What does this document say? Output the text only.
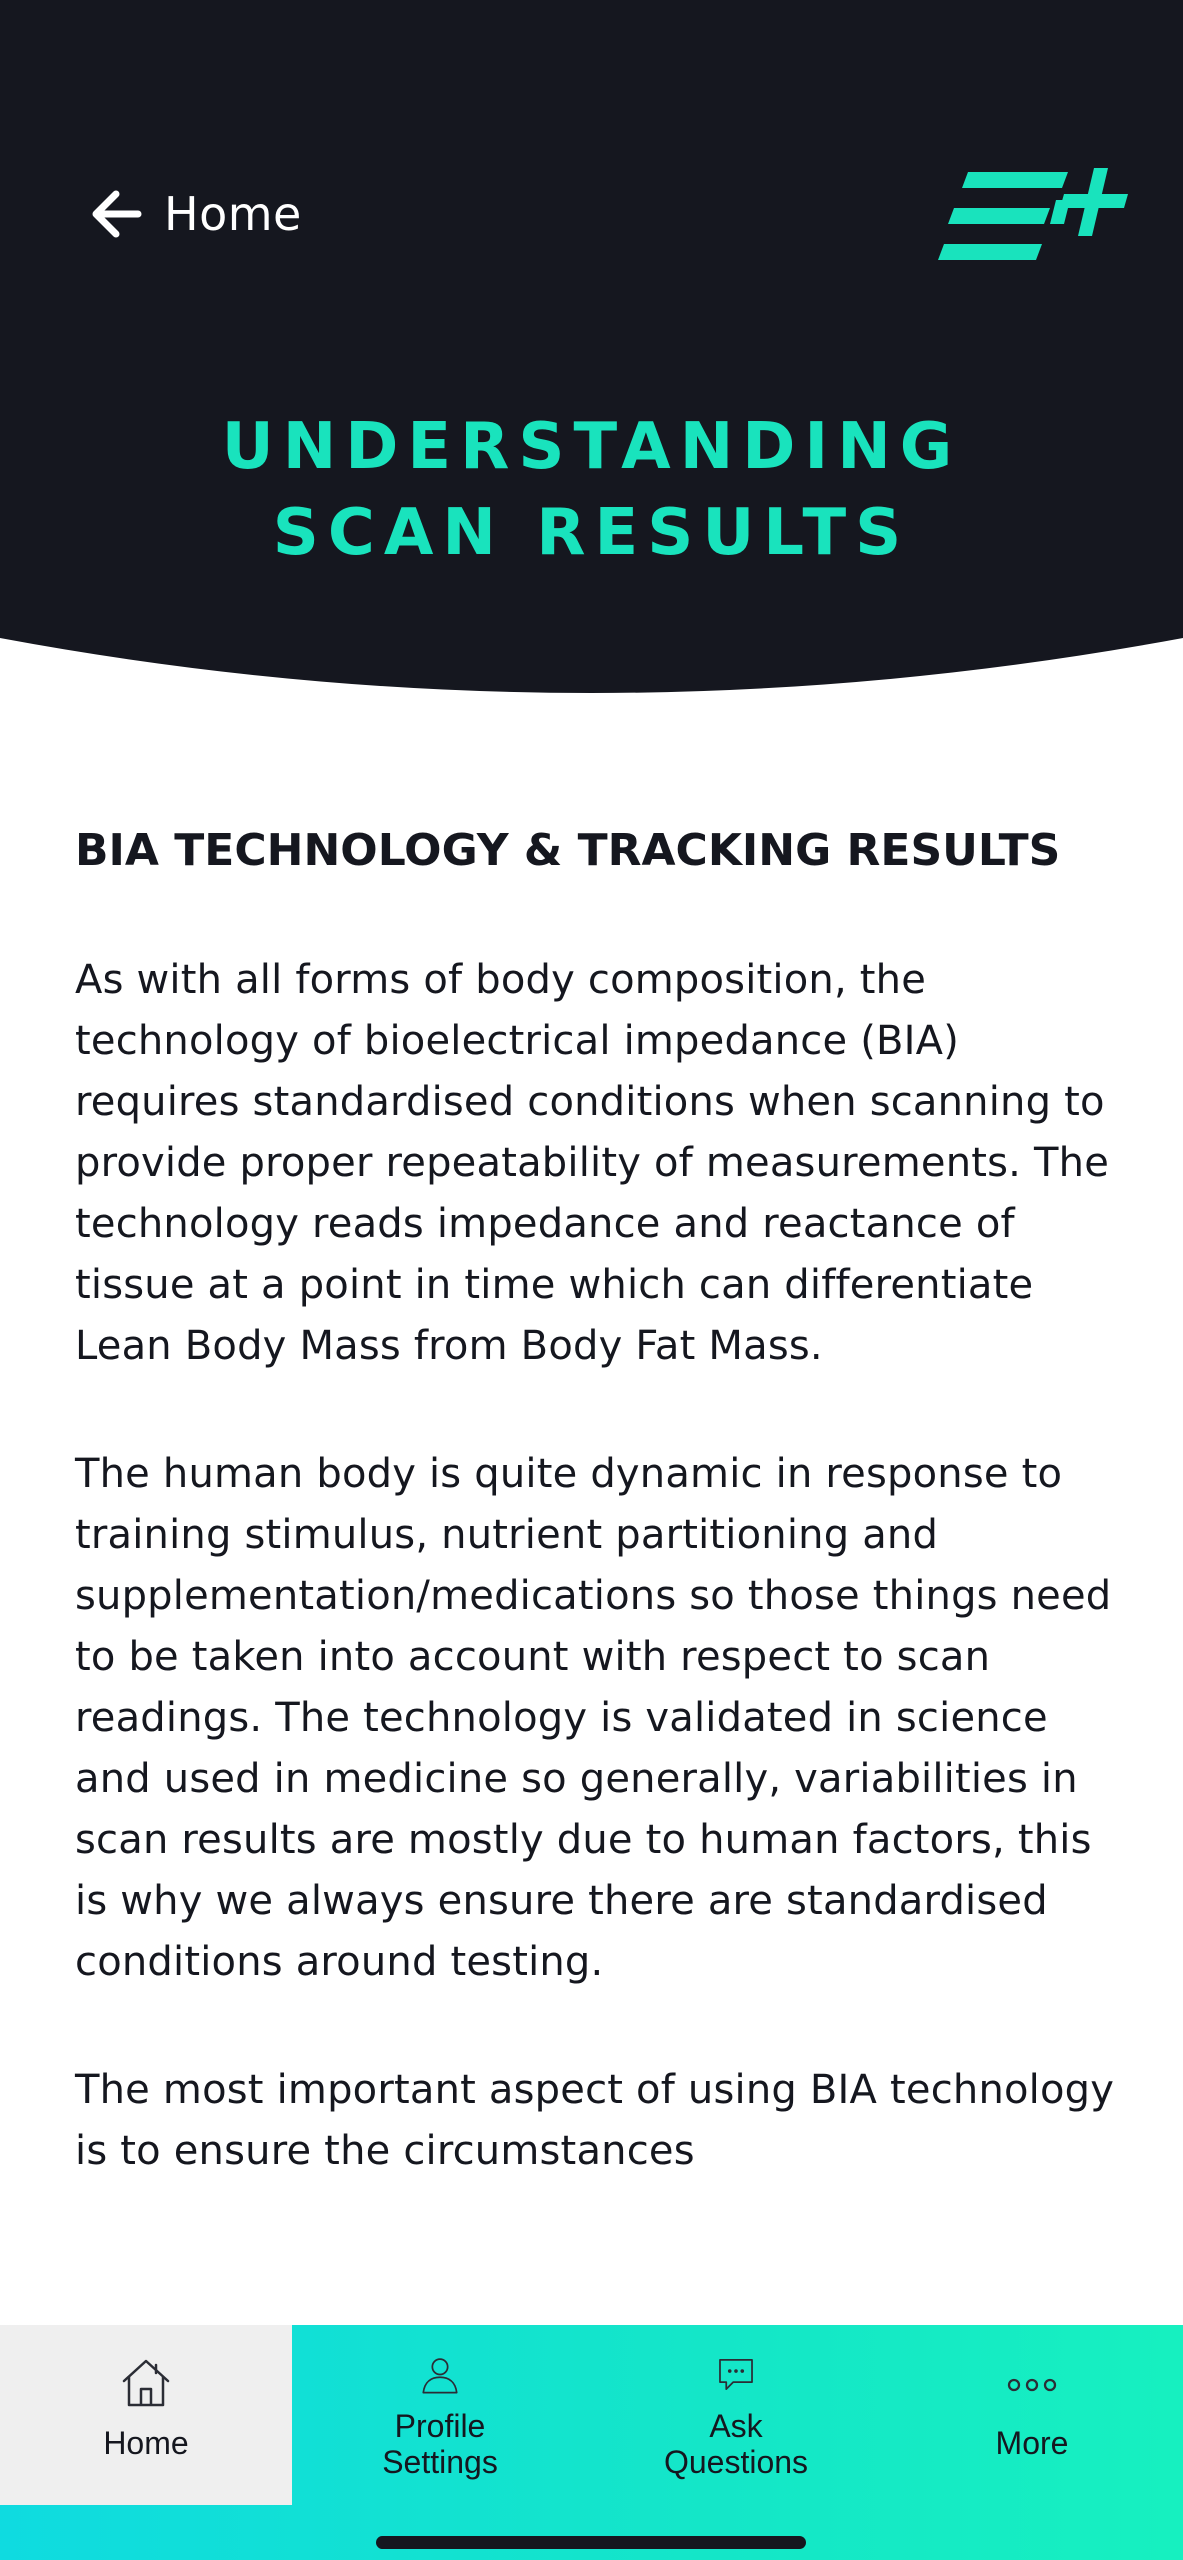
Home
UNDERSTANDING
SCAN RESULTS
BIA TECHNOLOGY & TRACKING RESULTS

As with all forms of body composition, the technology of bioelectrical impedance (BIA) requires standardised conditions when scanning to provide proper repeatability of measurements. The technology reads impedance and reactance of tissue at a point in time which can differentiate Lean Body Mass from Body Fat Mass.

The human body is quite dynamic in response to training stimulus, nutrient partitioning and supplementation/medications so those things need to be taken into account with respect to scan readings. The technology is validated in science and used in medicine so generally, variabilities in scan results are mostly due to human factors, this is why we always ensure there are standardised conditions around testing.

The most important aspect of using BIA technology is to ensure the circumstances

Home	Profile
Settings
Ask
Questions
More
